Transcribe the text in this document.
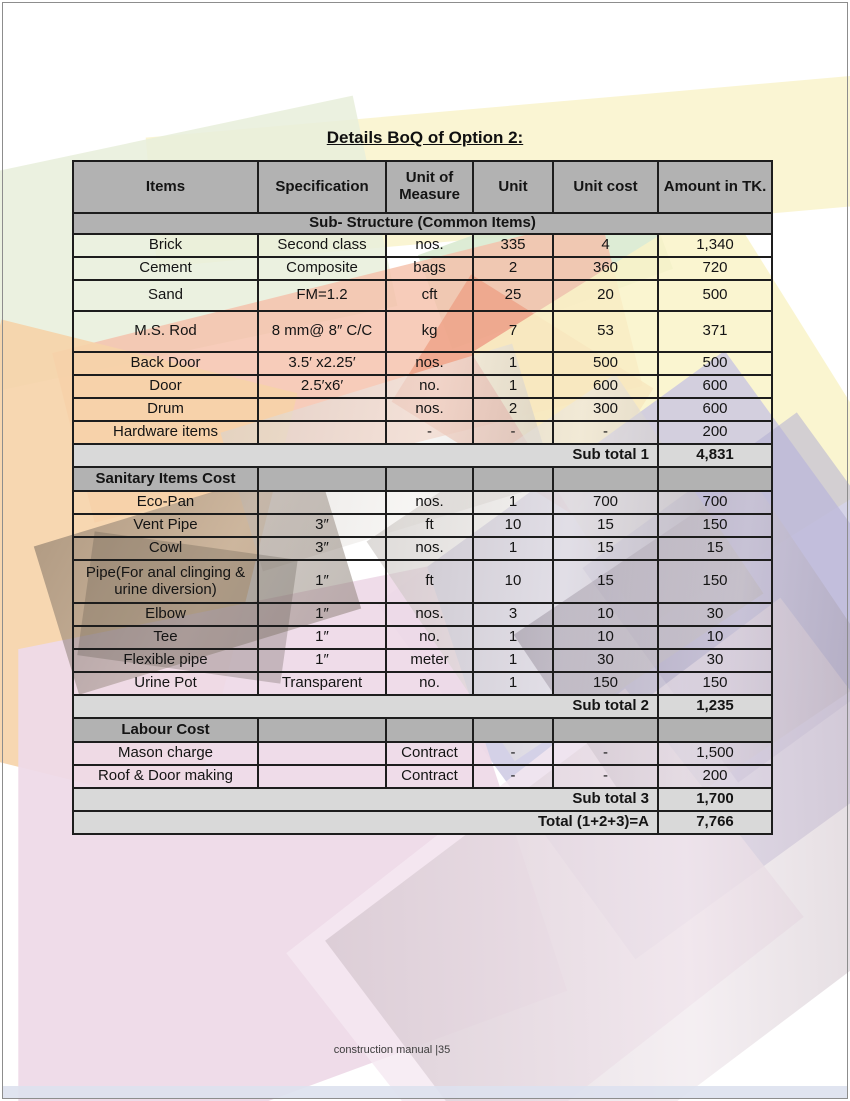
Details BoQ of Option 2:
Items	Specification	Unit of Measure	Unit	Unit cost	Amount in TK.
Sub- Structure (Common Items)					
Brick	Second class	nos.	335	4	1,340
Cement	Composite	bags	2	360	720
Sand	FM=1.2	cft	25	20	500
M.S. Rod	8 mm@ 8″ C/C	kg	7	53	371
Back Door	3.5′ x2.25′	nos.	1	500	500
Door	2.5′x6′	no.	1	600	600
Drum		nos.	2	300	600
Hardware items		-	-	-	200
Sub total 1					4,831
Sanitary Items Cost					
Eco-Pan		nos.	1	700	700
Vent Pipe	3″	ft	10	15	150
Cowl	3″	nos.	1	15	15
Pipe(For anal clinging & urine diversion)	1″	ft	10	15	150
Elbow	1″	nos.	3	10	30
Tee	1″	no.	1	10	10
Flexible pipe	1″	meter	1	30	30
Urine Pot	Transparent	no.	1	150	150
Sub total 2					1,235
Labour Cost					
Mason charge		Contract	-	-	1,500
Roof & Door making		Contract	-	-	200
Sub total 3					1,700
Total (1+2+3)=A					7,766
construction manual |35
